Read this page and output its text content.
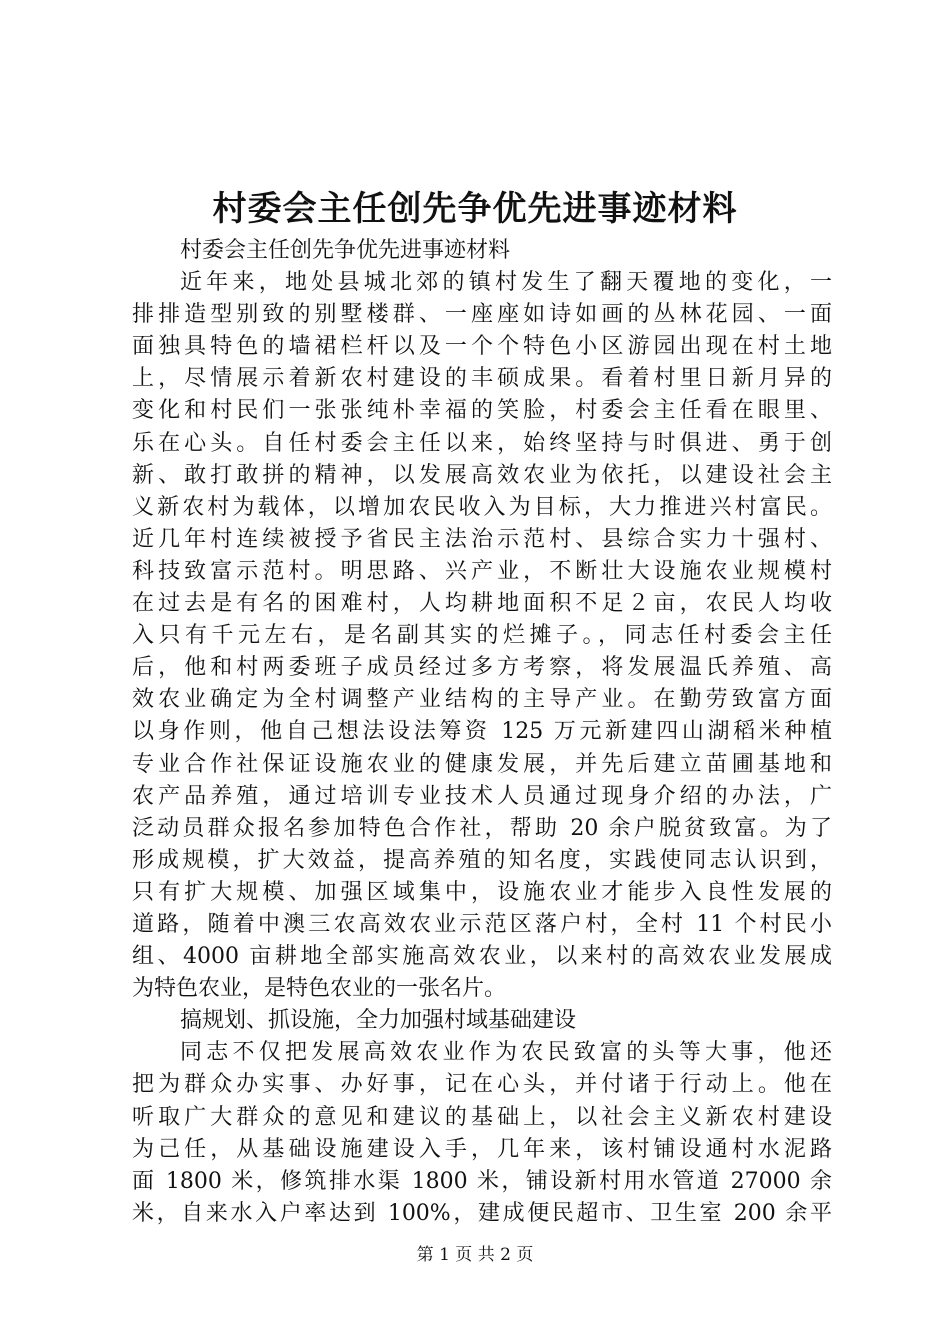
村委会主任创先争优先进事迹材料
村委会主任创先争优先进事迹材料
近年来，地处县城北郊的镇村发生了翻天覆地的变化，一
排排造型别致的别墅楼群、一座座如诗如画的丛林花园、一面
面独具特色的墙裙栏杆以及一个个特色小区游园出现在村土地
上，尽情展示着新农村建设的丰硕成果。看着村里日新月异的
变化和村民们一张张纯朴幸福的笑脸，村委会主任看在眼里、
乐在心头。自任村委会主任以来，始终坚持与时俱进、勇于创
新、敢打敢拼的精神，以发展高效农业为依托，以建设社会主
义新农村为载体，以增加农民收入为目标，大力推进兴村富民。
近几年村连续被授予省民主法治示范村、县综合实力十强村、
科技致富示范村。明思路、兴产业，不断壮大设施农业规模村
在过去是有名的困难村，人均耕地面积不足２亩，农民人均收
入只有千元左右，是名副其实的烂摊子。，同志任村委会主任
后，他和村两委班子成员经过多方考察，将发展温氏养殖、高
效农业确定为全村调整产业结构的主导产业。在勤劳致富方面
以身作则，他自己想法设法筹资 125 万元新建四山湖稻米种植
专业合作社保证设施农业的健康发展，并先后建立苗圃基地和
农产品养殖，通过培训专业技术人员通过现身介绍的办法，广
泛动员群众报名参加特色合作社，帮助 20 余户脱贫致富。为了
形成规模，扩大效益，提高养殖的知名度，实践使同志认识到，
只有扩大规模、加强区域集中，设施农业才能步入良性发展的
道路，随着中澳三农高效农业示范区落户村，全村 11 个村民小
组、4000 亩耕地全部实施高效农业，以来村的高效农业发展成
为特色农业，是特色农业的一张名片。
搞规划、抓设施，全力加强村域基础建设
同志不仅把发展高效农业作为农民致富的头等大事，他还
把为群众办实事、办好事，记在心头，并付诸于行动上。他在
听取广大群众的意见和建议的基础上，以社会主义新农村建设
为己任，从基础设施建设入手，几年来，该村铺设通村水泥路
面 1800 米，修筑排水渠 1800 米，铺设新村用水管道 27000 余
米，自来水入户率达到 100%，建成便民超市、卫生室 200 余平
第 1 页 共 2 页
